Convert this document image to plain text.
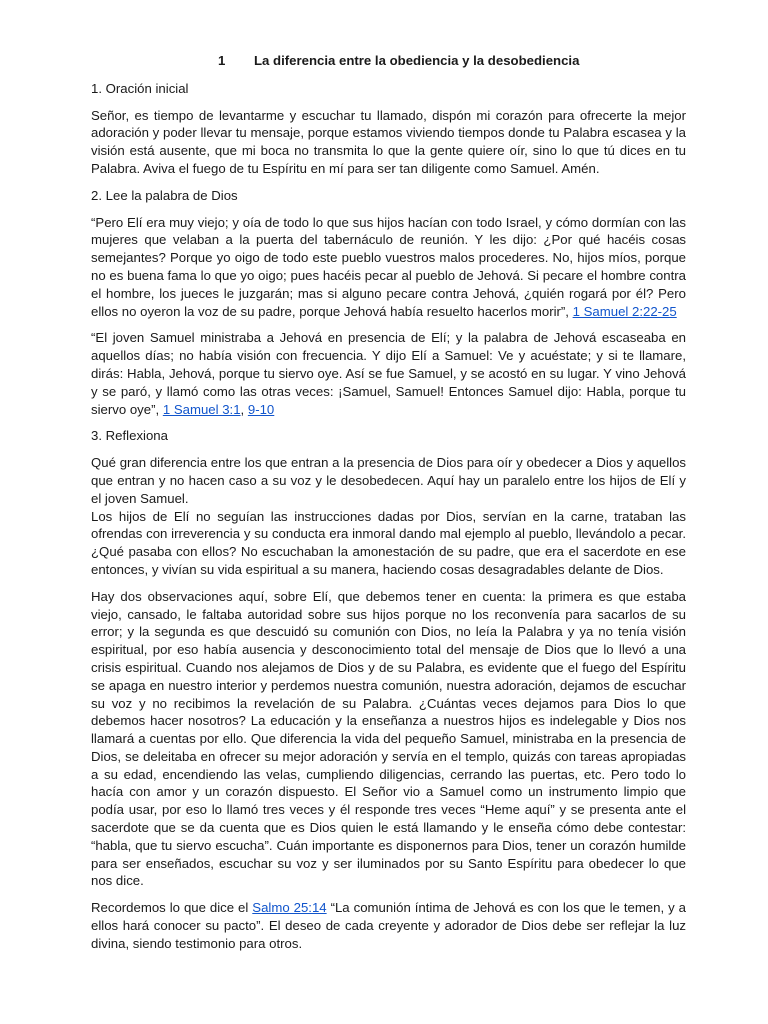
1 La diferencia entre la obediencia y la desobediencia
1. Oración inicial

Señor, es tiempo de levantarme y escuchar tu llamado, dispón mi corazón para ofrecerte la mejor adoración y poder llevar tu mensaje, porque estamos viviendo tiempos donde tu Palabra escasea y la visión está ausente, que mi boca no transmita lo que la gente quiere oír, sino lo que tú dices en tu Palabra. Aviva el fuego de tu Espíritu en mí para ser tan diligente como Samuel. Amén.

2. Lee la palabra de Dios

“Pero Elí era muy viejo; y oía de todo lo que sus hijos hacían con todo Israel, y cómo dormían con las mujeres que velaban a la puerta del tabernáculo de reunión. Y les dijo: ¿Por qué hacéis cosas semejantes? Porque yo oigo de todo este pueblo vuestros malos procederes. No, hijos míos, porque no es buena fama lo que yo oigo; pues hacéis pecar al pueblo de Jehová. Si pecare el hombre contra el hombre, los jueces le juzgarán; mas si alguno pecare contra Jehová, ¿quién rogará por él? Pero ellos no oyeron la voz de su padre, porque Jehová había resuelto hacerlos morir”, 1 Samuel 2:22-25

“El joven Samuel ministraba a Jehová en presencia de Elí; y la palabra de Jehová escaseaba en aquellos días; no había visión con frecuencia. Y dijo Elí a Samuel: Ve y acuéstate; y si te llamare, dirás: Habla, Jehová, porque tu siervo oye. Así se fue Samuel, y se acostó en su lugar. Y vino Jehová y se paró, y llamó como las otras veces: ¡Samuel, Samuel! Entonces Samuel dijo: Habla, porque tu siervo oye”, 1 Samuel 3:1, 9-10

3. Reflexiona

Qué gran diferencia entre los que entran a la presencia de Dios para oír y obedecer a Dios y aquellos que entran y no hacen caso a su voz y le desobedecen. Aquí hay un paralelo entre los hijos de Elí y el joven Samuel.

Los hijos de Elí no seguían las instrucciones dadas por Dios, servían en la carne, trataban las ofrendas con irreverencia y su conducta era inmoral dando mal ejemplo al pueblo, llevándolo a pecar. ¿Qué pasaba con ellos? No escuchaban la amonestación de su padre, que era el sacerdote en ese entonces, y vivían su vida espiritual a su manera, haciendo cosas desagradables delante de Dios.

Hay dos observaciones aquí, sobre Elí, que debemos tener en cuenta: la primera es que estaba viejo, cansado, le faltaba autoridad sobre sus hijos porque no los reconvenía para sacarlos de su error; y la segunda es que descuidó su comunión con Dios, no leía la Palabra y ya no tenía visión espiritual, por eso había ausencia y desconocimiento total del mensaje de Dios que lo llevó a una crisis espiritual. Cuando nos alejamos de Dios y de su Palabra, es evidente que el fuego del Espíritu se apaga en nuestro interior y perdemos nuestra comunión, nuestra adoración, dejamos de escuchar su voz y no recibimos la revelación de su Palabra. ¿Cuántas veces dejamos para Dios lo que debemos hacer nosotros? La educación y la enseñanza a nuestros hijos es indelegable y Dios nos llamará a cuentas por ello. Que diferencia la vida del pequeño Samuel, ministraba en la presencia de Dios, se deleitaba en ofrecer su mejor adoración y servía en el templo, quizás con tareas apropiadas a su edad, encendiendo las velas, cumpliendo diligencias, cerrando las puertas, etc. Pero todo lo hacía con amor y un corazón dispuesto. El Señor vio a Samuel como un instrumento limpio que podía usar, por eso lo llamó tres veces y él responde tres veces “Heme aquí” y se presenta ante el sacerdote que se da cuenta que es Dios quien le está llamando y le enseña cómo debe contestar: “habla, que tu siervo escucha”. Cuán importante es disponernos para Dios, tener un corazón humilde para ser enseñados, escuchar su voz y ser iluminados por su Santo Espíritu para obedecer lo que nos dice.

Recordemos lo que dice el Salmo 25:14 “La comunión íntima de Jehová es con los que le temen, y a ellos hará conocer su pacto”. El deseo de cada creyente y adorador de Dios debe ser reflejar la luz divina, siendo testimonio para otros.
